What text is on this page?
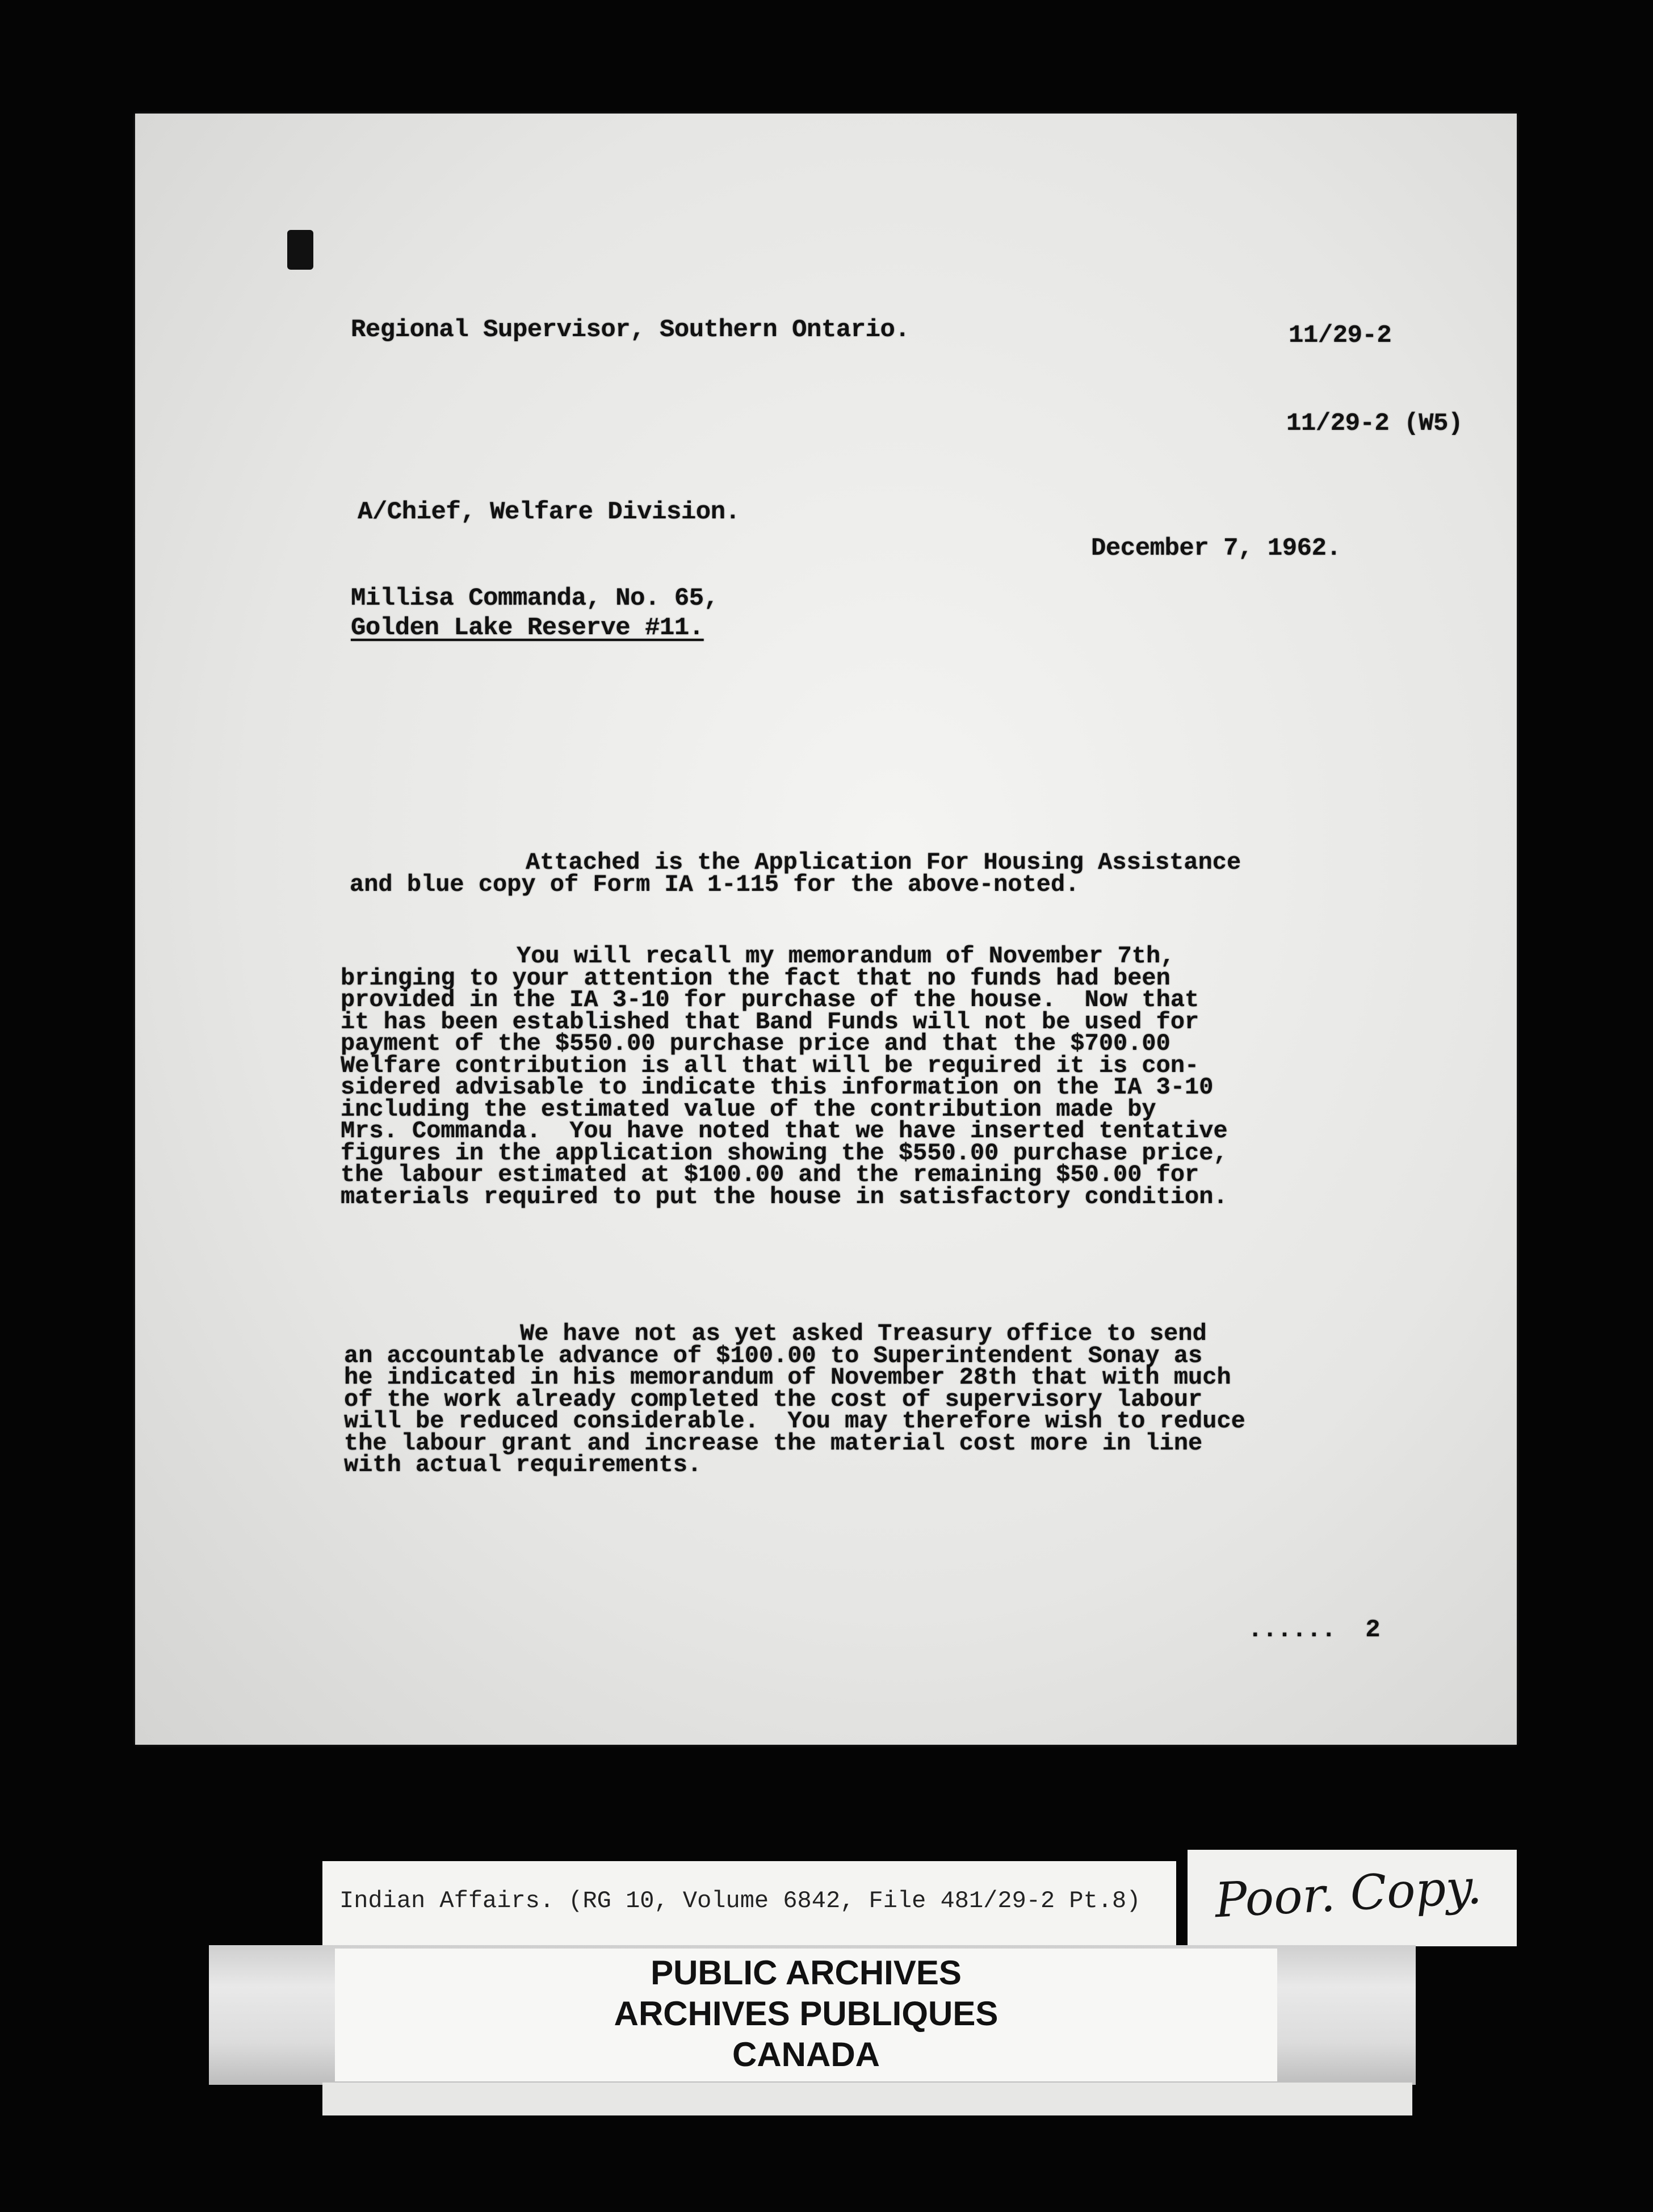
Regional Supervisor, Southern Ontario.	11/29-2
11/29-2 (W5)
A/Chief, Welfare Division.
December 7, 1962.
Millisa Commanda, No. 65,
Golden Lake Reserve #11.
Attached is the Application For Housing Assistance
and blue copy of Form IA 1-115 for the above-noted.
You will recall my memorandum of November 7th,
bringing to your attention the fact that no funds had been
provided in the IA 3-10 for purchase of the house.  Now that
it has been established that Band Funds will not be used for
payment of the $550.00 purchase price and that the $700.00
Welfare contribution is all that will be required it is con-
sidered advisable to indicate this information on the IA 3-10
including the estimated value of the contribution made by
Mrs. Commanda.  You have noted that we have inserted tentative
figures in the application showing the $550.00 purchase price,
the labour estimated at $100.00 and the remaining $50.00 for
materials required to put the house in satisfactory condition.
We have not as yet asked Treasury office to send
an accountable advance of $100.00 to Superintendent Sonay as
he indicated in his memorandum of November 28th that with much
of the work already completed the cost of supervisory labour
will be reduced considerable.  You may therefore wish to reduce
the labour grant and increase the material cost more in line
with actual requirements.
......  2
Indian Affairs. (RG 10, Volume 6842, File 481/29-2 Pt.8) Poor. Copy.
PUBLIC ARCHIVES
ARCHIVES PUBLIQUES
CANADA
